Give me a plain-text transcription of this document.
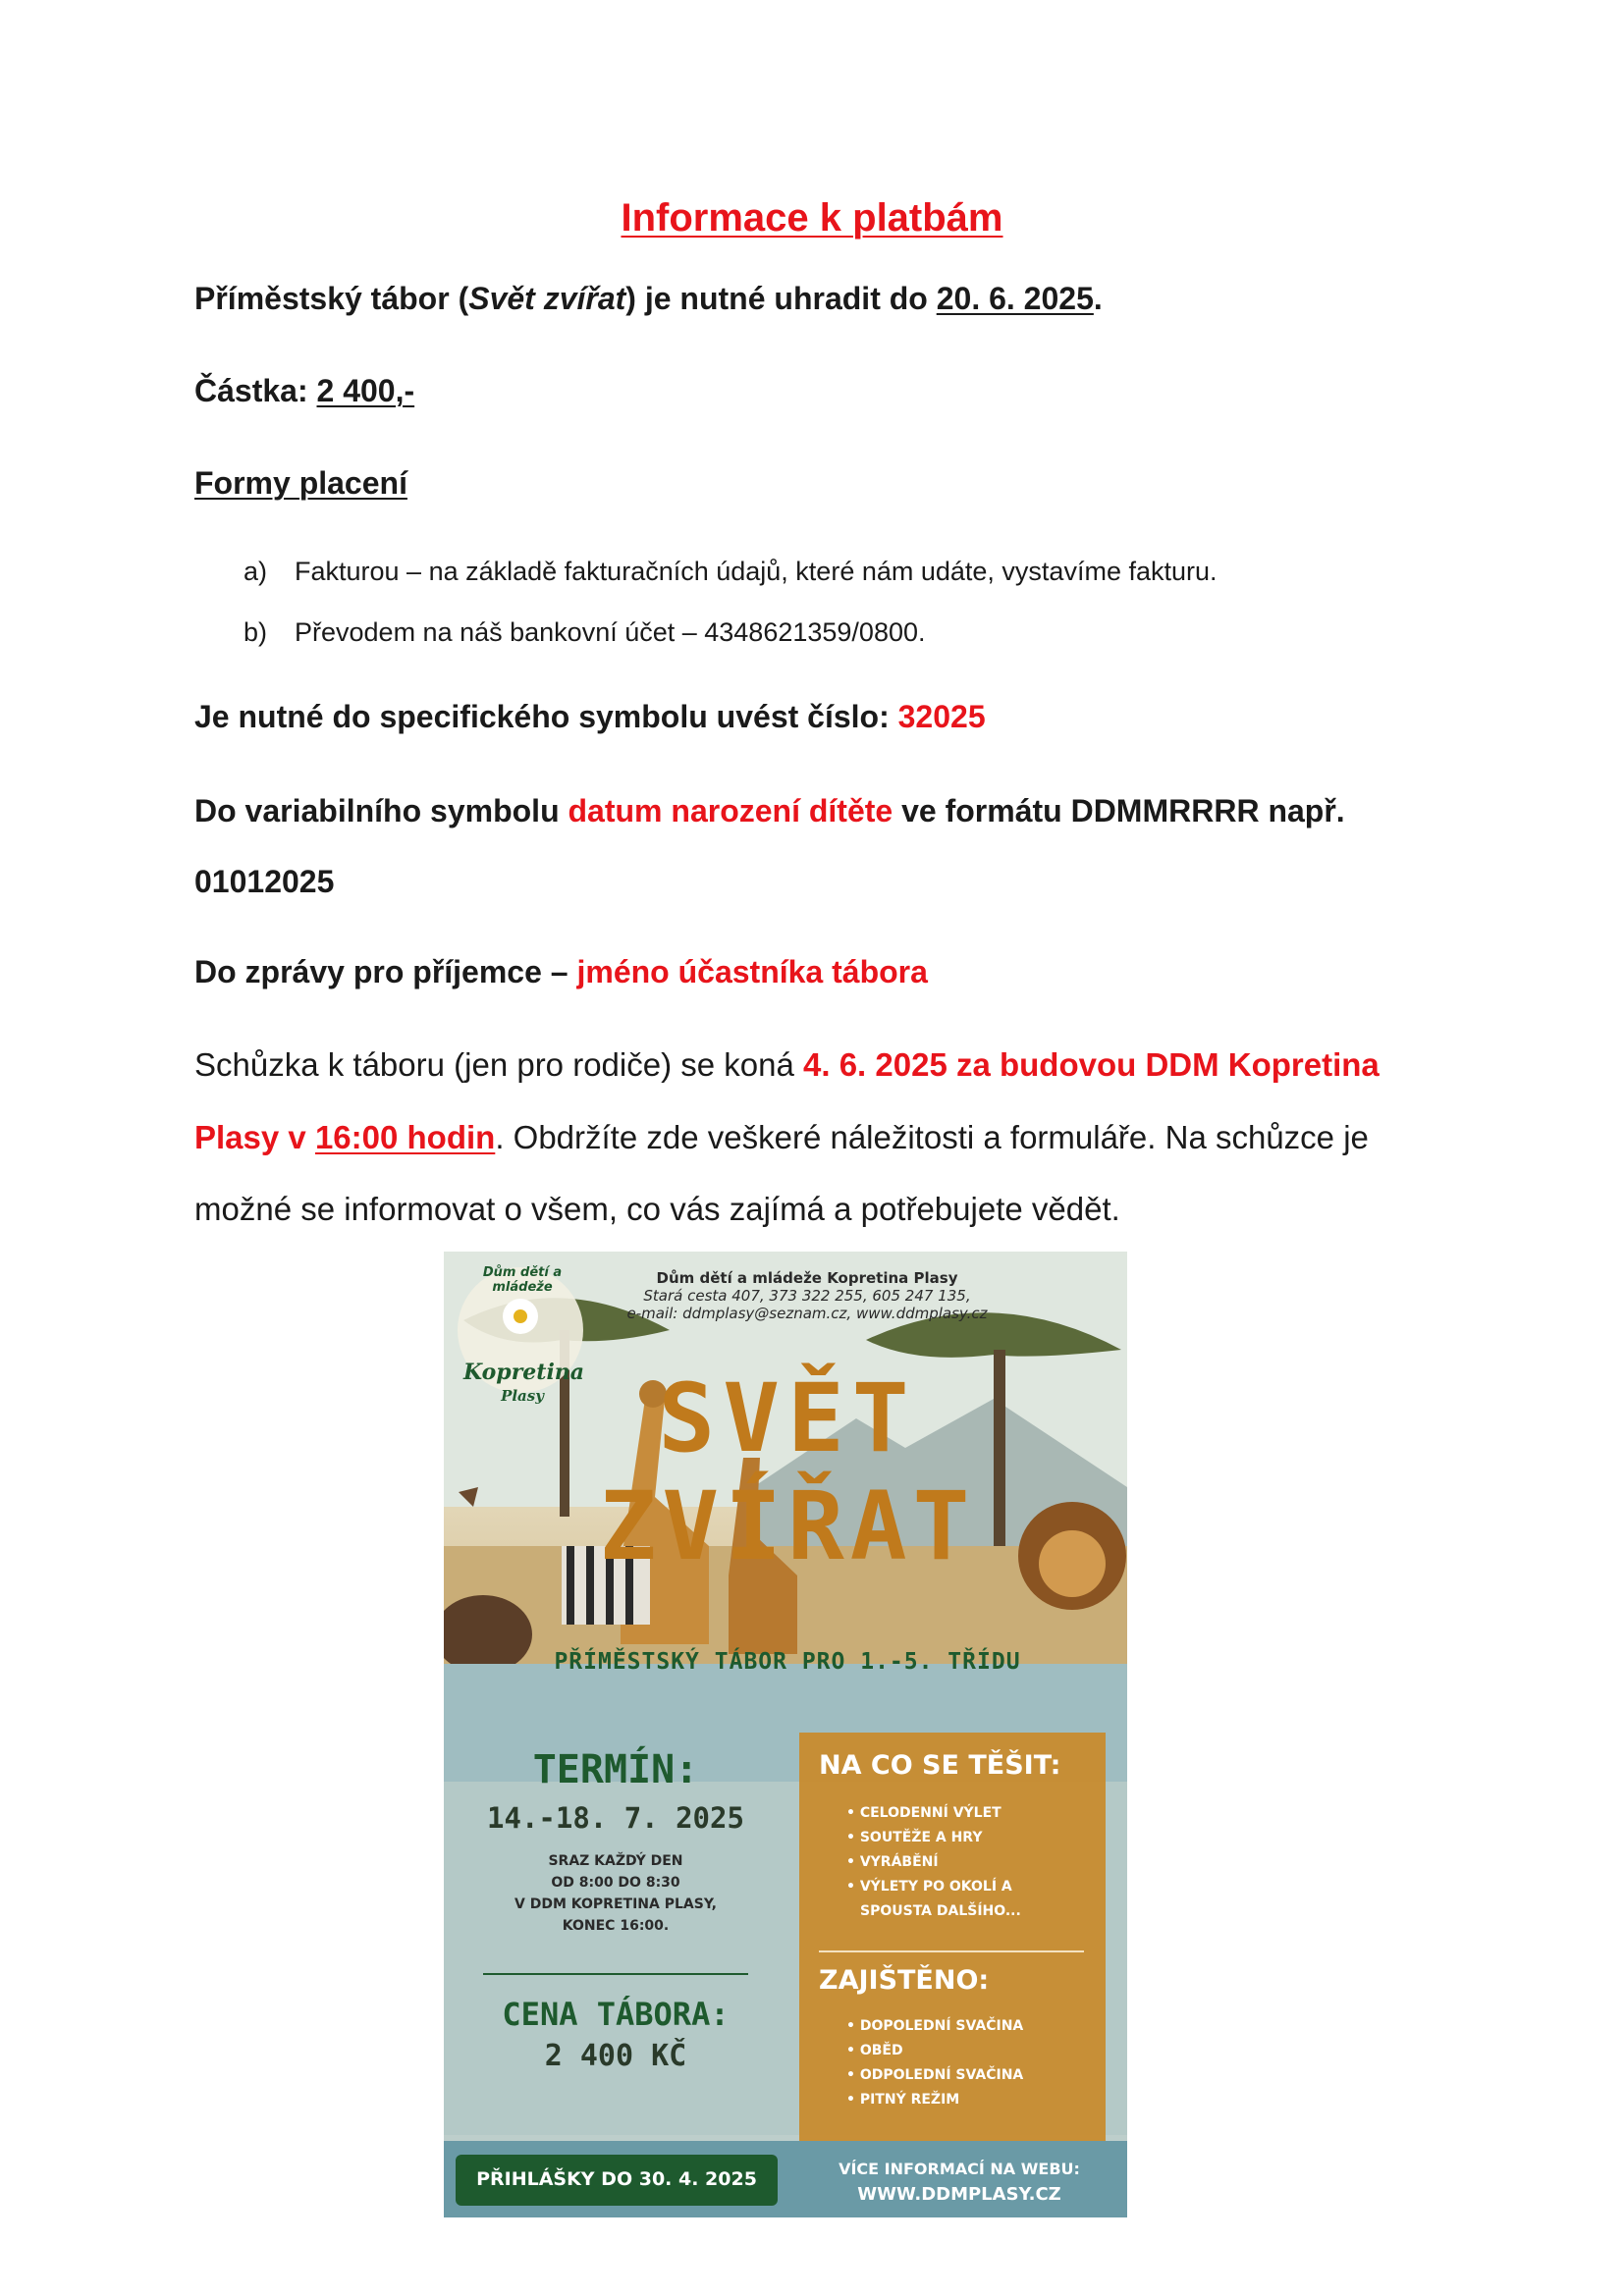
Informace k platbám
Příměstský tábor (Svět zvířat) je nutné uhradit do 20. 6. 2025.
Částka: 2 400,-
Formy placení
a) Fakturou – na základě fakturačních údajů, které nám udáte, vystavíme fakturu.
b) Převodem na náš bankovní účet – 4348621359/0800.
Je nutné do specifického symbolu uvést číslo: 32025
Do variabilního symbolu datum narození dítěte ve formátu DDMMRRRR např.
01012025
Do zprávy pro příjemce – jméno účastníka tábora
Schůzka k táboru (jen pro rodiče) se koná 4. 6. 2025 za budovou DDM Kopretina
Plasy v 16:00 hodin. Obdržíte zde veškeré náležitosti a formuláře. Na schůzce je
možné se informovat o všem, co vás zajímá a potřebujete vědět.
Dům dětí a mládeže
Kopretina
Plasy
Dům dětí a mládeže Kopretina Plasy
Stará cesta 407, 373 322 255, 605 247 135,
e-mail: ddmplasy@seznam.cz, www.ddmplasy.cz
SVĚT
ZVÍŘAT
PŘÍMĚSTSKÝ TÁBOR PRO 1.-5. TŘÍDU
TERMÍN:
14.-18. 7. 2025
SRAZ KAŽDÝ DEN
OD 8:00 DO 8:30
V DDM KOPRETINA PLASY,
KONEC 16:00.
CENA TÁBORA:
2 400 KČ
NA CO SE TĚŠIT:
• CELODENNÍ VÝLET
• SOUTĚŽE A HRY
• VYRÁBĚNÍ
• VÝLETY PO OKOLÍ A
SPOUSTA DALŠÍHO...
ZAJIŠTĚNO:
• DOPOLEDNÍ SVAČINA
• OBĚD
• ODPOLEDNÍ SVAČINA
• PITNÝ REŽIM
PŘIHLÁŠKY DO 30. 4. 2025	VÍCE INFORMACÍ NA WEBU:
WWW.DDMPLASY.CZ
